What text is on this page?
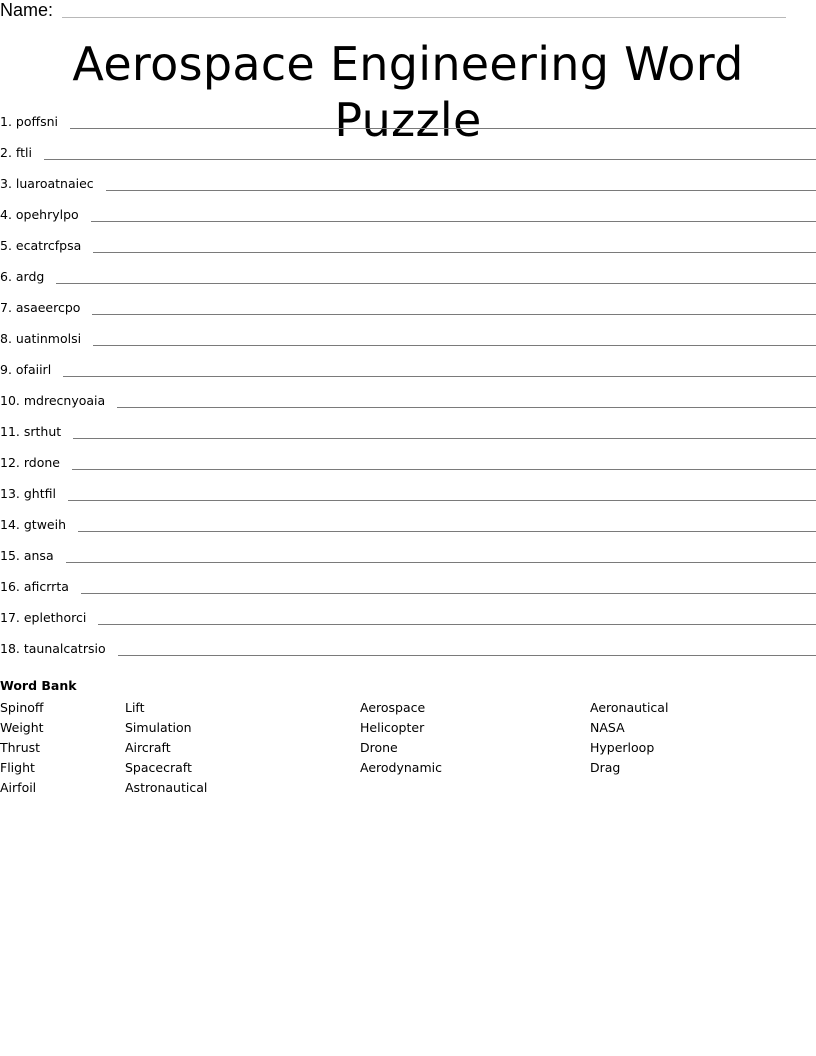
Name:
Aerospace Engineering Word Puzzle
1. poffsni
2. ftli
3. luaroatnaiec
4. opehrylpo
5. ecatrcfpsa
6. ardg
7. asaeercpo
8. uatinmolsi
9. ofaiirl
10. mdrecnyoaia
11. srthut
12. rdone
13. ghtfil
14. gtweih
15. ansa
16. aficrrta
17. eplethorci
18. taunalcatrsio
Word Bank
Spinoff
Weight
Thrust
Flight
Airfoil
Lift
Simulation
Aircraft
Spacecraft
Astronautical
Aerospace
Helicopter
Drone
Aerodynamic
Aeronautical
NASA
Hyperloop
Drag
